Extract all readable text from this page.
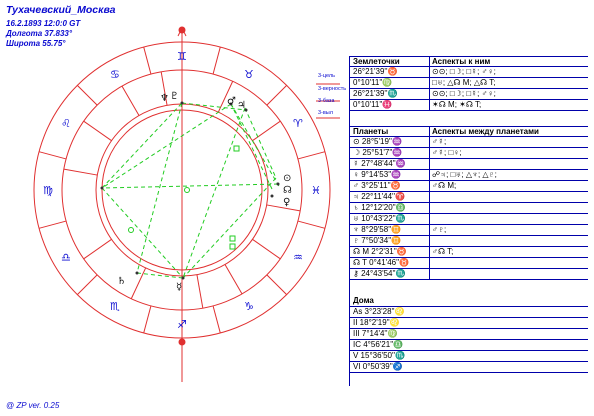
Тухачевский_Москва
16.2.1893 12:0:0 GT
Долгота 37.833°
Широта 55.75°
♊
♉
♈
♓
♒
♑
♐
♏
♎
♍
♌
♋
♆ ♇	♂ ♃
⊙
☊
♀
☿
♄
3-цель
3-верность
3-база
3-выл
Землеточки	Аспекты к ним
26°21'39''♉	⊙⊙; □☽; □☿; ♂♀;
0°10'11''♍	□♅; △☊ M; △☊ T;
26°21'39''♏	⊙⊙; □☽; □☿; ♂♀;
0°10'11''♓	✶☊ M; ✶☊ T;
Планеты	Аспекты между планетами
⊙ 28°5'19''♒	♂☿;
☽ 25°51'7''♒	♂☿; □♀;
☿ 27°48'44''♒
♀ 9°14'53''♒	☍♃; □♅; △♆; △♇;
♂ 3°25'11''♉	♂☊ M;
♃ 22°11'44''♈
♄ 12°12'20''♎
♅ 10°43'22''♏
♆ 8°29'58''♊	♂♇;
♇ 7°50'34''♊
☊ M 2°2'31''♉	♂☊ T;
☊ T 0°41'46''♉
⚷ 24°43'54''♏
Дома
As 3°23'28''♌
II 18°2'19''♌
III 7°14'4''♍
IC 4°56'21''♎
V 15°36'50''♏
VI 0°50'39''♐
@ ZP ver. 0.25
